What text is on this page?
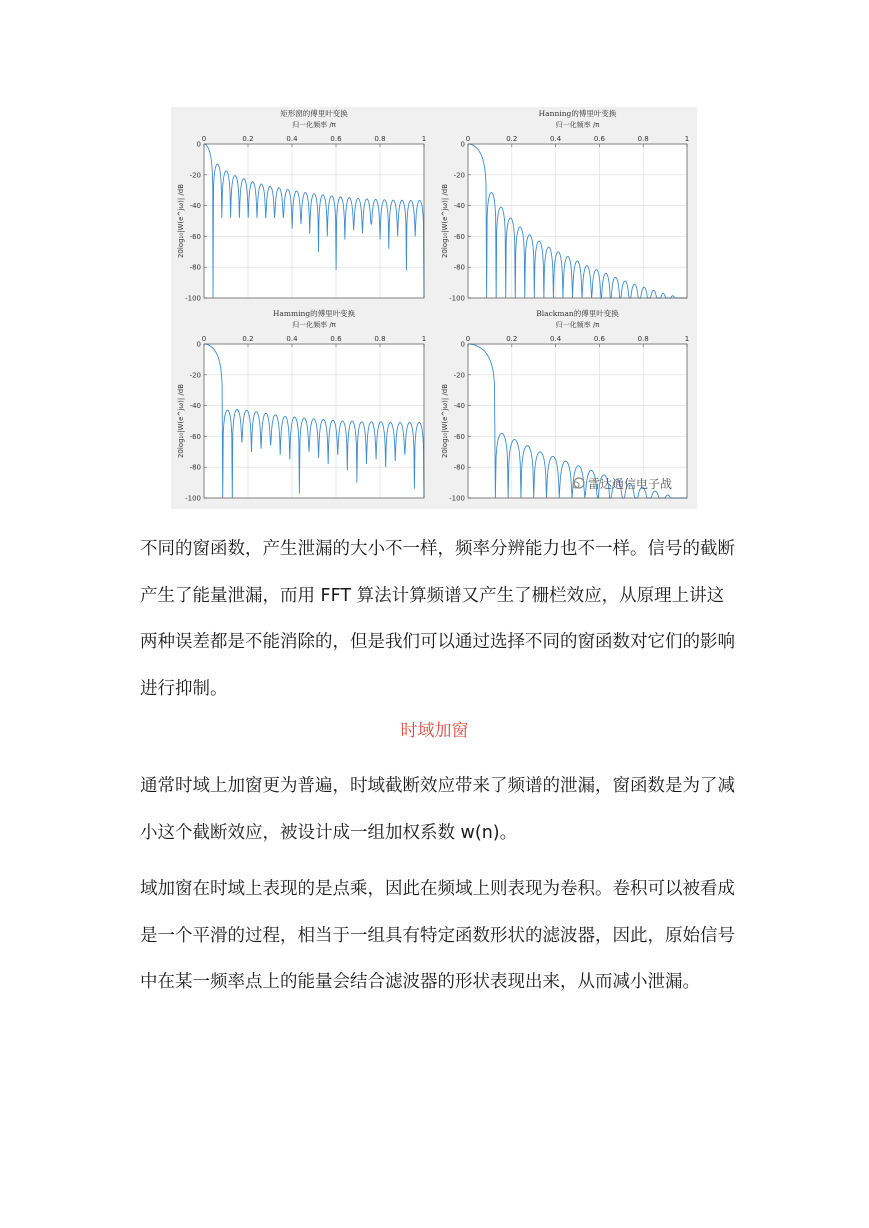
0	0.2	0.4	0.6	0.8	1
0
-20
-40
-60
-80
-100
矩形窗的傅里叶变换
归一化频率 /π
20log₁₀|W(e^jω)| /dB
0	0.2	0.4	0.6	0.8	1
0
-20
-40
-60
-80
-100
Hanning的傅里叶变换
归一化频率 /π
20log₁₀|W(e^jω)| /dB
0	0.2	0.4	0.6	0.8	1
0
-20
-40
-60
-80
-100
Hamming的傅里叶变换
归一化频率 /π
20log₁₀|W(e^jω)| /dB
0	0.2	0.4	0.6	0.8	1
0
-20
-40
-60
-80
-100
Blackman的傅里叶变换
归一化频率 /π
20log₁₀|W(e^jω)| /dB
雷达通信电子战
不同的窗函数，产生泄漏的大小不一样，频率分辨能力也不一样。信号的截断
产生了能量泄漏，而用 FFT 算法计算频谱又产生了栅栏效应，从原理上讲这
两种误差都是不能消除的，但是我们可以通过选择不同的窗函数对它们的影响
进行抑制。
时域加窗
通常时域上加窗更为普遍，时域截断效应带来了频谱的泄漏，窗函数是为了减
小这个截断效应，被设计成一组加权系数 w(n)。
域加窗在时域上表现的是点乘，因此在频域上则表现为卷积。卷积可以被看成
是一个平滑的过程，相当于一组具有特定函数形状的滤波器，因此，原始信号
中在某一频率点上的能量会结合滤波器的形状表现出来，从而减小泄漏。
